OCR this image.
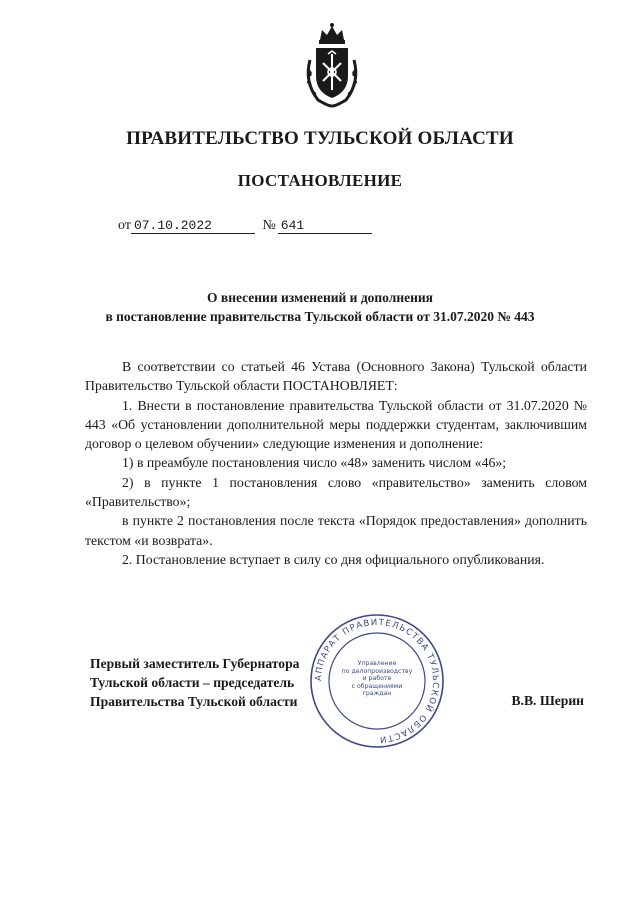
ПРАВИТЕЛЬСТВО ТУЛЬСКОЙ ОБЛАСТИ
ПОСТАНОВЛЕНИЕ
от 07.10.2022	№ 641
О внесении изменений и дополнения
в постановление правительства Тульской области от 31.07.2020 № 443

В соответствии со статьей 46 Устава (Основного Закона) Тульской области Правительство Тульской области ПОСТАНОВЛЯЕТ:

1. Внести в постановление правительства Тульской области от 31.07.2020 № 443 «Об установлении дополнительной меры поддержки студентам, заключившим договор о целевом обучении» следующие изменения и дополнение:

1) в преамбуле постановления число «48» заменить числом «46»;

2) в пункте 1 постановления слово «правительство» заменить словом «Правительство»;

в пункте 2 постановления после текста «Порядок предоставления» дополнить текстом «и возврата».

2. Постановление вступает в силу со дня официального опубликования.

АППАРАТ ПРАВИТЕЛЬСТВА ТУЛЬСКОЙ ОБЛАСТИ
Управление
по делопроизводству
и работе
с обращениями
граждан
Первый заместитель Губернатора
Тульской области – председатель
Правительства Тульской области	В.В. Шерин
